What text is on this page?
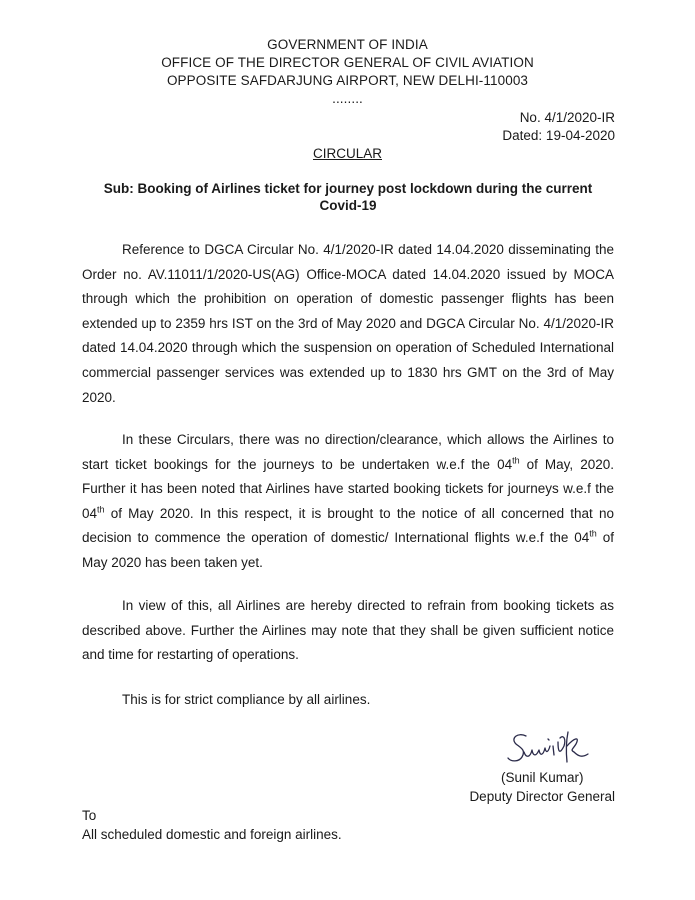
GOVERNMENT OF INDIA
OFFICE OF THE DIRECTOR GENERAL OF CIVIL AVIATION
OPPOSITE SAFDARJUNG AIRPORT, NEW DELHI-110003
........
No. 4/1/2020-IR
Dated: 19-04-2020
CIRCULAR
Sub: Booking of Airlines ticket for journey post lockdown during the current Covid-19

Reference to DGCA Circular No. 4/1/2020-IR dated 14.04.2020 disseminating the Order no. AV.11011/1/2020-US(AG) Office-MOCA dated 14.04.2020 issued by MOCA through which the prohibition on operation of domestic passenger flights has been extended up to 2359 hrs IST on the 3rd of May 2020 and DGCA Circular No. 4/1/2020-IR dated 14.04.2020 through which the suspension on operation of Scheduled International commercial passenger services was extended up to 1830 hrs GMT on the 3rd of May 2020.

In these Circulars, there was no direction/clearance, which allows the Airlines to start ticket bookings for the journeys to be undertaken w.e.f the 04th of May, 2020. Further it has been noted that Airlines have started booking tickets for journeys w.e.f the 04th of May 2020. In this respect, it is brought to the notice of all concerned that no decision to commence the operation of domestic/ International flights w.e.f the 04th of May 2020 has been taken yet.

In view of this, all Airlines are hereby directed to refrain from booking tickets as described above. Further the Airlines may note that they shall be given sufficient notice and time for restarting of operations.

This is for strict compliance by all airlines.

(Sunil Kumar)
Deputy Director General
To
All scheduled domestic and foreign airlines.
